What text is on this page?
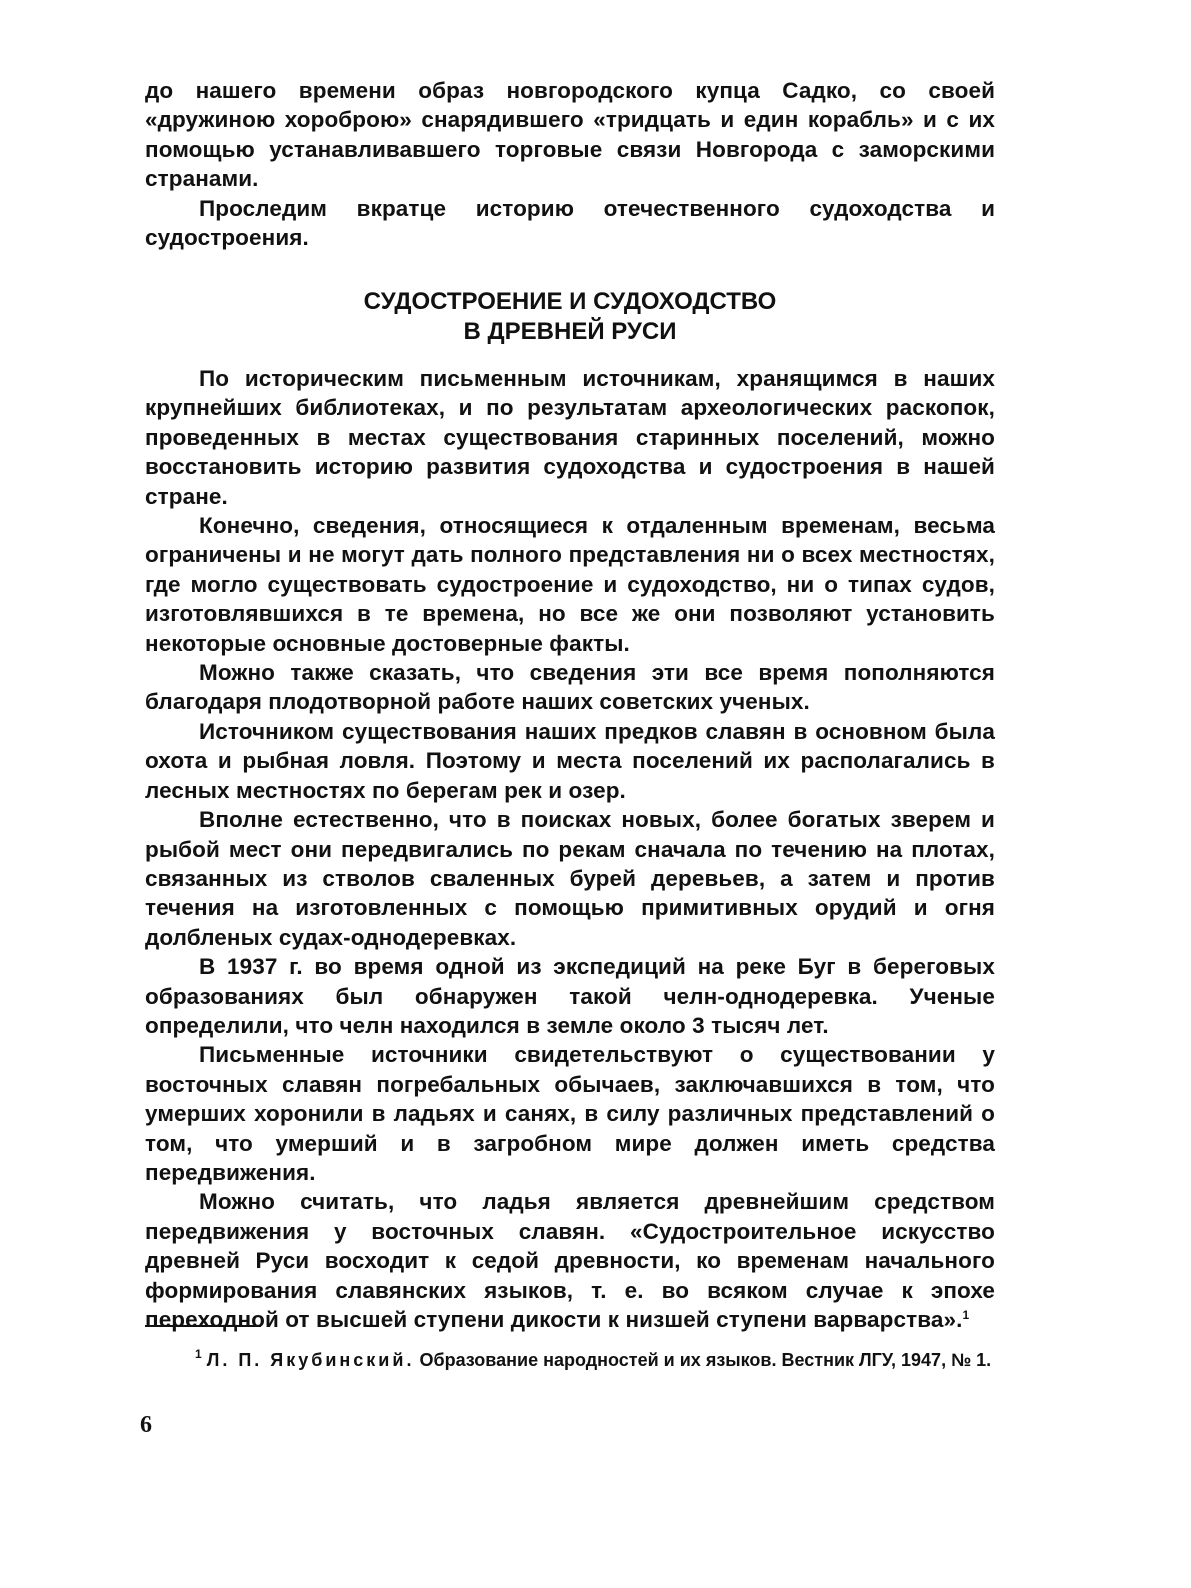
до нашего времени образ новгородского купца Садко, со своей «дружиною хороброю» снарядившего «тридцать и един корабль» и с их помощью устанавливавшего торговые связи Новгорода с заморскими странами.

Проследим вкратце историю отечественного судоходства и судостроения.

СУДОСТРОЕНИЕ И СУДОХОДСТВО
В ДРЕВНЕЙ РУСИ

По историческим письменным источникам, хранящимся в наших крупнейших библиотеках, и по результатам археологических раскопок, проведенных в местах существования старинных поселений, можно восстановить историю развития судоходства и судостроения в нашей стране.

Конечно, сведения, относящиеся к отдаленным временам, весьма ограничены и не могут дать полного представления ни о всех местностях, где могло существовать судостроение и судоходство, ни о типах судов, изготовлявшихся в те времена, но все же они позволяют установить некоторые основные достоверные факты.

Можно также сказать, что сведения эти все время пополняются благодаря плодотворной работе наших советских ученых.

Источником существования наших предков славян в основном была охота и рыбная ловля. Поэтому и места поселений их располагались в лесных местностях по берегам рек и озер.

Вполне естественно, что в поисках новых, более богатых зверем и рыбой мест они передвигались по рекам сначала по течению на плотах, связанных из стволов сваленных бурей деревьев, а затем и против течения на изготовленных с помощью примитивных орудий и огня долбленых судах-однодеревках.

В 1937 г. во время одной из экспедиций на реке Буг в береговых образованиях был обнаружен такой челн-однодеревка. Ученые определили, что челн находился в земле около 3 тысяч лет.

Письменные источники свидетельствуют о существовании у восточных славян погребальных обычаев, заключавшихся в том, что умерших хоронили в ладьях и санях, в силу различных представлений о том, что умерший и в загробном мире должен иметь средства передвижения.

Можно считать, что ладья является древнейшим средством передвижения у восточных славян. «Судостроительное искусство древней Руси восходит к седой древности, ко временам начального формирования славянских языков, т. е. во всяком случае к эпохе переходной от высшей ступени дикости к низшей ступени варварства».$^1$

$^1$ Л. П. Якубинский. Образование народностей и их языков. Вестник ЛГУ, 1947, № 1.

6
